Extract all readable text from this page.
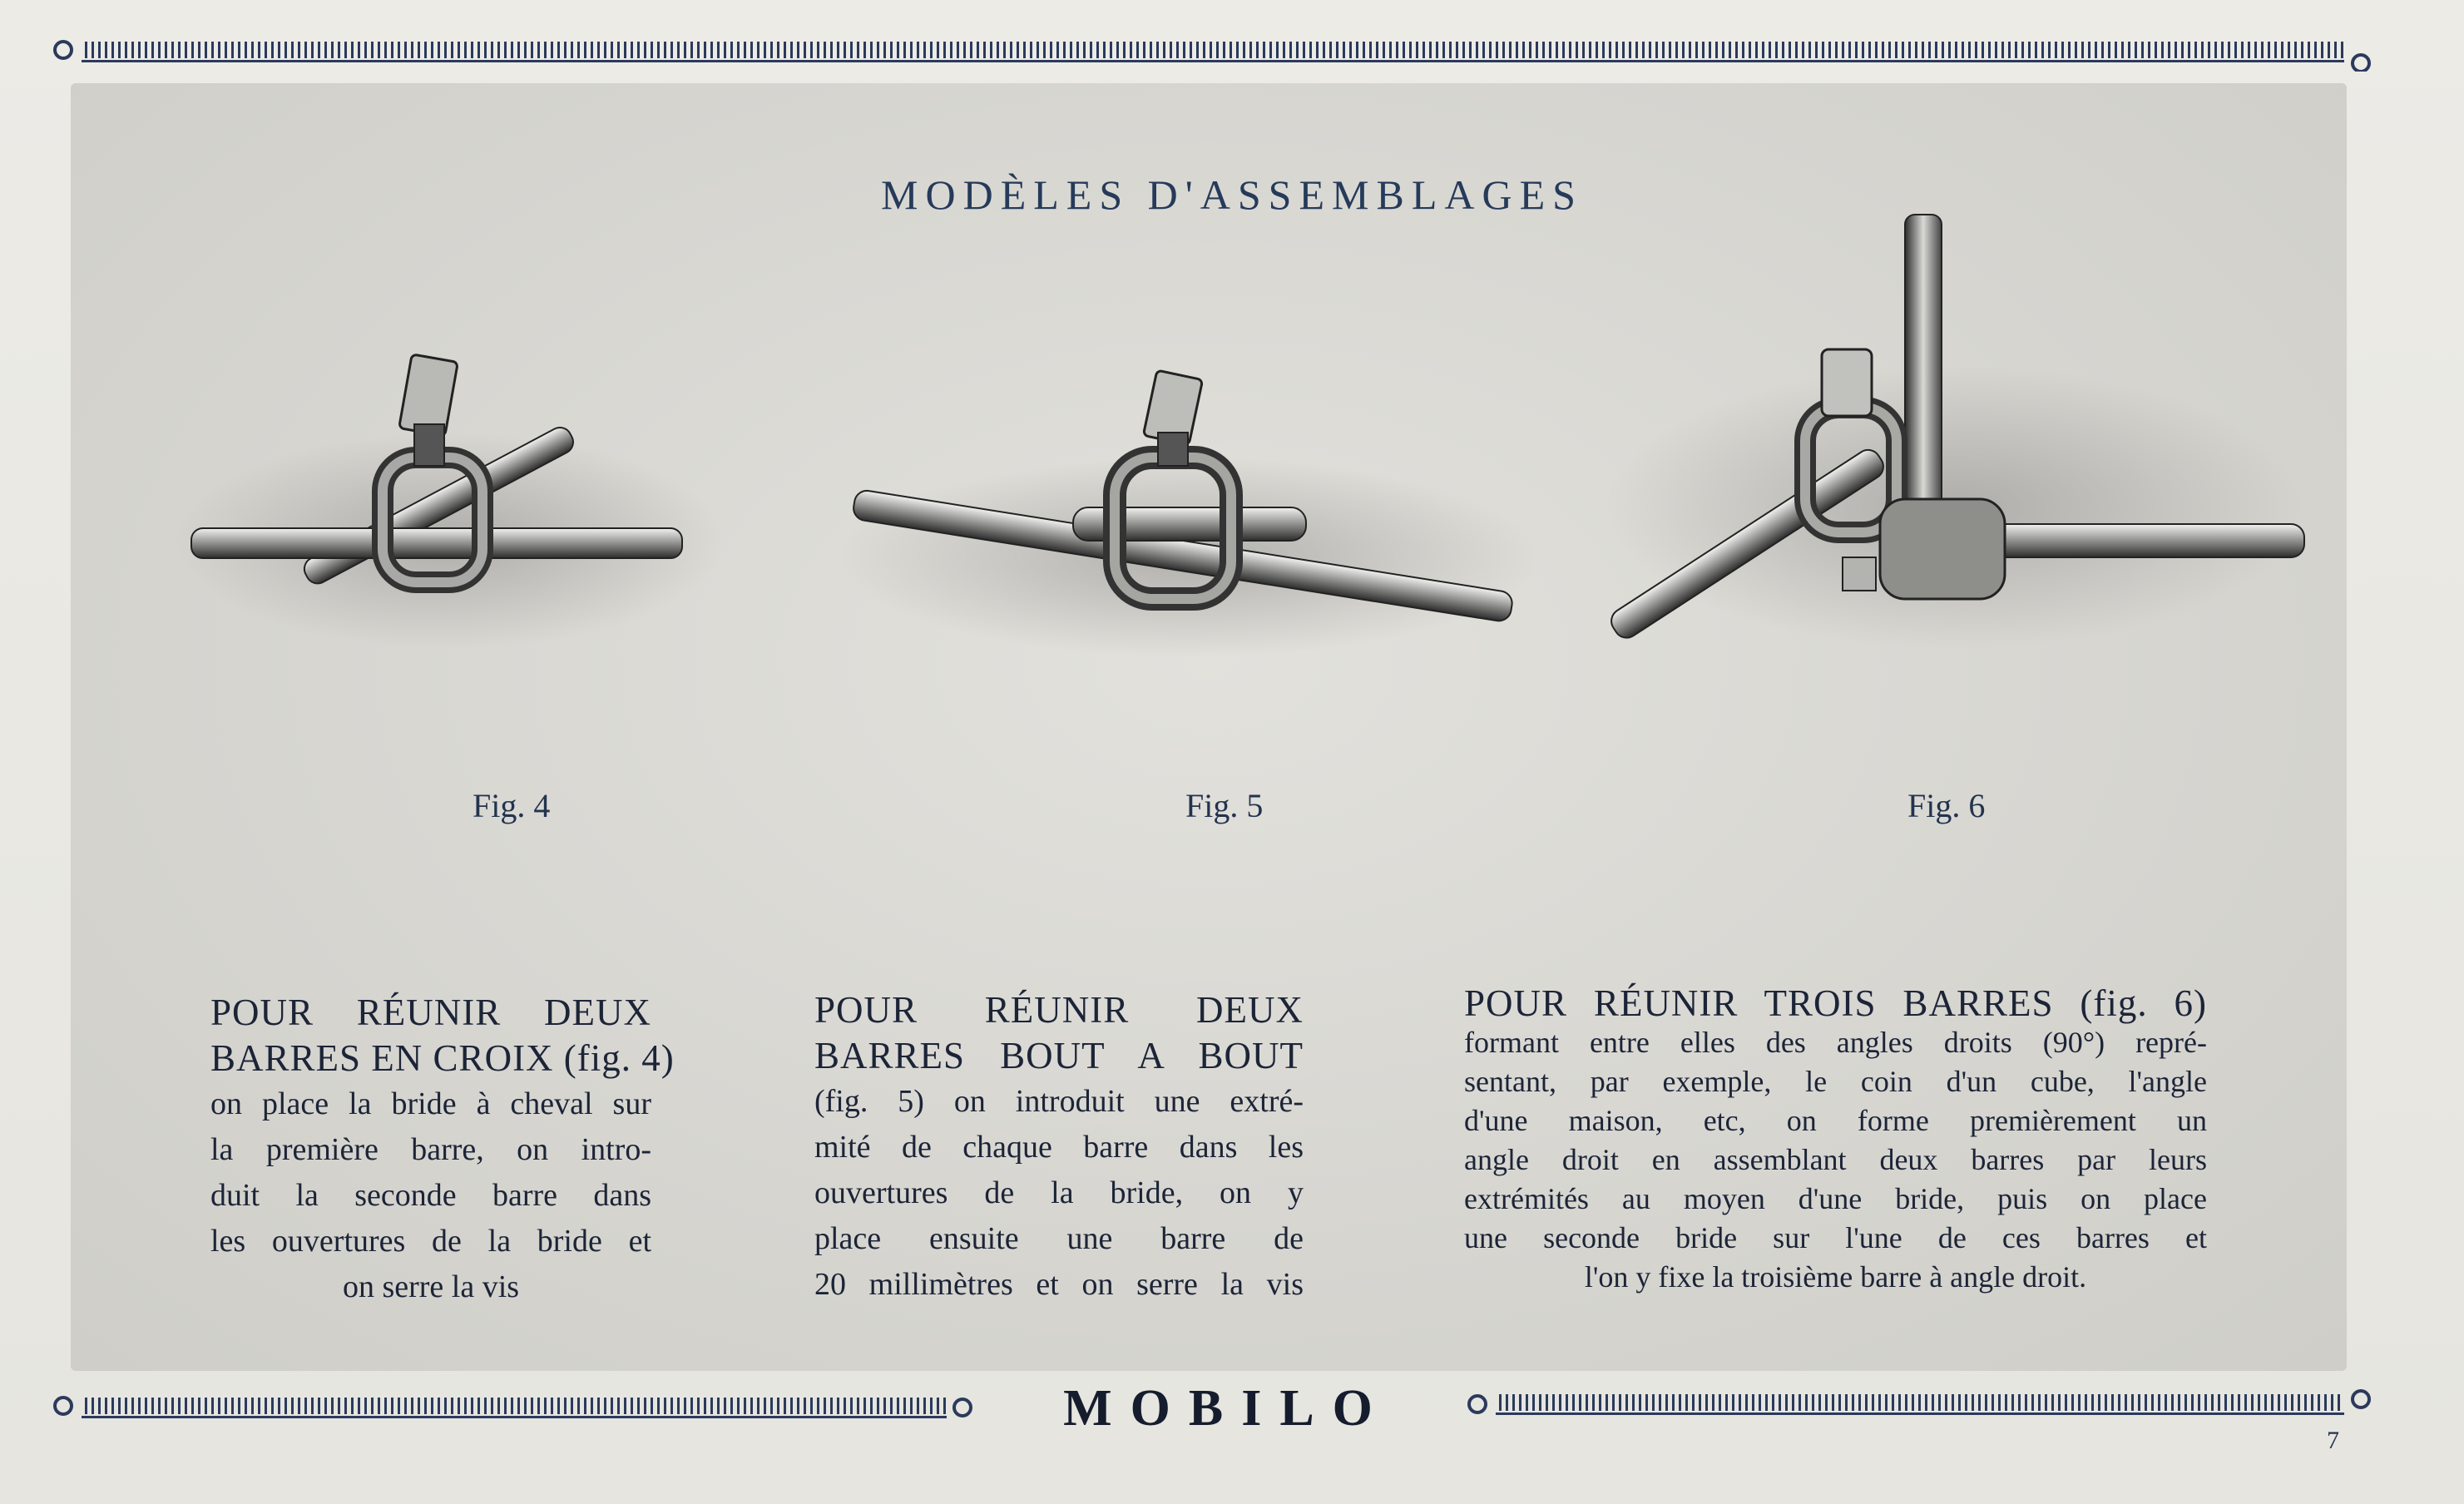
MODÈLES D'ASSEMBLAGES
Fig. 4	Fig. 5	Fig. 6
POUR RÉUNIR DEUX
BARRES EN CROIX (fig. 4)
on place la bride à cheval sur
la première barre, on intro-
duit la seconde barre dans
les ouvertures de la bride et
on serre la vis
POUR RÉUNIR DEUX
BARRES BOUT A BOUT
(fig. 5) on introduit une extré-
mité de chaque barre dans les
ouvertures de la bride, on y
place ensuite une barre de
20 millimètres et on serre la vis
POUR RÉUNIR TROIS BARRES (fig. 6)
formant entre elles des angles droits (90°) repré-
sentant, par exemple, le coin d'un cube, l'angle
d'une maison, etc, on forme premièrement un
angle droit en assemblant deux barres par leurs
extrémités au moyen d'une bride, puis on place
une seconde bride sur l'une de ces barres et
l'on y fixe la troisième barre à angle droit.
MOBILO
7
